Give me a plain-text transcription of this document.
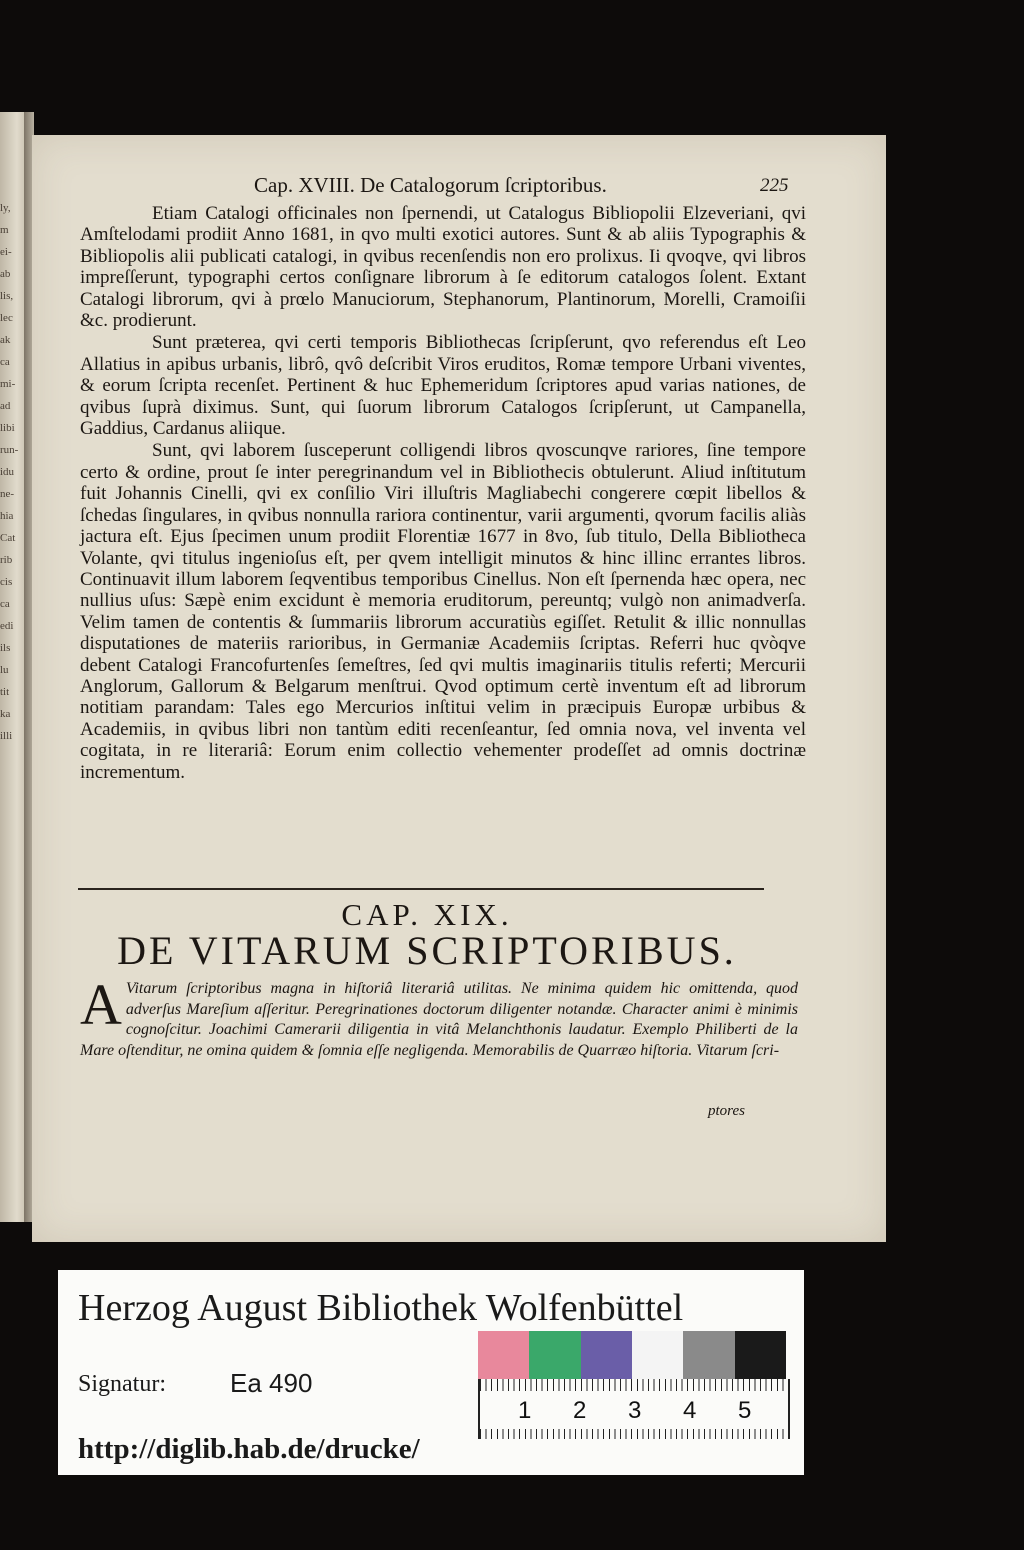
ly,
m
ei-
ab
lis,
lec
ak
ca
mi-
ad
libi
run-
idu
ne-
hia
Cat
rib
cis
ca
edi
ils
lu
tit
ka
illi
Cap. XVIII. De Catalogorum ſcriptoribus.	225

Etiam Catalogi officinales non ſpernendi, ut Catalogus Bibliopolii Elzeveriani, qvi Amſtelodami prodiit Anno 1681, in qvo multi exotici autores. Sunt & ab aliis Typographis & Bibliopolis alii publicati catalogi, in qvibus recenſendis non ero prolixus. Ii qvoqve, qvi libros impreſſerunt, typographi certos conſignare librorum à ſe editorum catalogos ſolent. Extant Catalogi librorum, qvi à prœlo Manuciorum, Stephanorum, Plantinorum, Morelli, Cramoiſii &c. prodierunt.

Sunt præterea, qvi certi temporis Bibliothecas ſcripſerunt, qvo referendus eſt Leo Allatius in apibus urbanis, librô, qvô deſcribit Viros eruditos, Romæ tempore Urbani viventes, & eorum ſcripta recenſet. Pertinent & huc Ephemeridum ſcriptores apud varias nationes, de qvibus ſuprà diximus. Sunt, qui ſuorum librorum Catalogos ſcripſerunt, ut Campanella, Gaddius, Cardanus aliique.

Sunt, qvi laborem ſusceperunt colligendi libros qvoscunqve rariores, ſine tempore certo & ordine, prout ſe inter peregrinandum vel in Bibliothecis obtulerunt. Aliud inſtitutum fuit Johannis Cinelli, qvi ex conſilio Viri illuſtris Magliabechi congerere cœpit libellos & ſchedas ſingulares, in qvibus nonnulla rariora continentur, varii argumenti, qvorum facilis aliàs jactura eſt. Ejus ſpecimen unum prodiit Florentiæ 1677 in 8vo, ſub titulo, Della Bibliotheca Volante, qvi titulus ingenioſus eſt, per qvem intelligit minutos & hinc illinc errantes libros. Continuavit illum laborem ſeqventibus temporibus Cinellus. Non eſt ſpernenda hæc opera, nec nullius uſus: Sæpè enim excidunt è memoria eruditorum, pereuntq; vulgò non animadverſa. Velim tamen de contentis & ſummariis librorum accuratiùs egiſſet. Retulit & illic nonnullas disputationes de materiis rarioribus, in Germaniæ Academiis ſcriptas. Referri huc qvòqve debent Catalogi Francofurtenſes ſemeſtres, ſed qvi multis imaginariis titulis referti; Mercurii Anglorum, Gallorum & Belgarum menſtrui. Qvod optimum certè inventum eſt ad librorum notitiam parandam: Tales ego Mercurios inſtitui velim in præcipuis Europæ urbibus & Academiis, in qvibus libri non tantùm editi recenſeantur, ſed omnia nova, vel inventa vel cogitata, in re literariâ: Eorum enim collectio vehementer prodeſſet ad omnis doctrinæ incrementum.

CAP. XIX.
DE VITARUM SCRIPTORIBUS.
A Vitarum ſcriptoribus magna in hiſtoriâ literariâ utilitas. Ne minima quidem hic omittenda, quod adverſus Mareſium aſſeritur. Peregrinationes doctorum diligenter notandæ. Character animi è minimis cognoſcitur. Joachimi Camerarii diligentia in vitâ Melanchthonis laudatur. Exemplo Philiberti de la Mare oſtenditur, ne omina quidem & ſomnia eſſe negligenda. Memorabilis de Quarræo hiſtoria. Vitarum ſcri-
ptores
Herzog August Bibliothek Wolfenbüttel
1 2 3 4 5
Signatur: Ea 490
http://diglib.hab.de/drucke/
